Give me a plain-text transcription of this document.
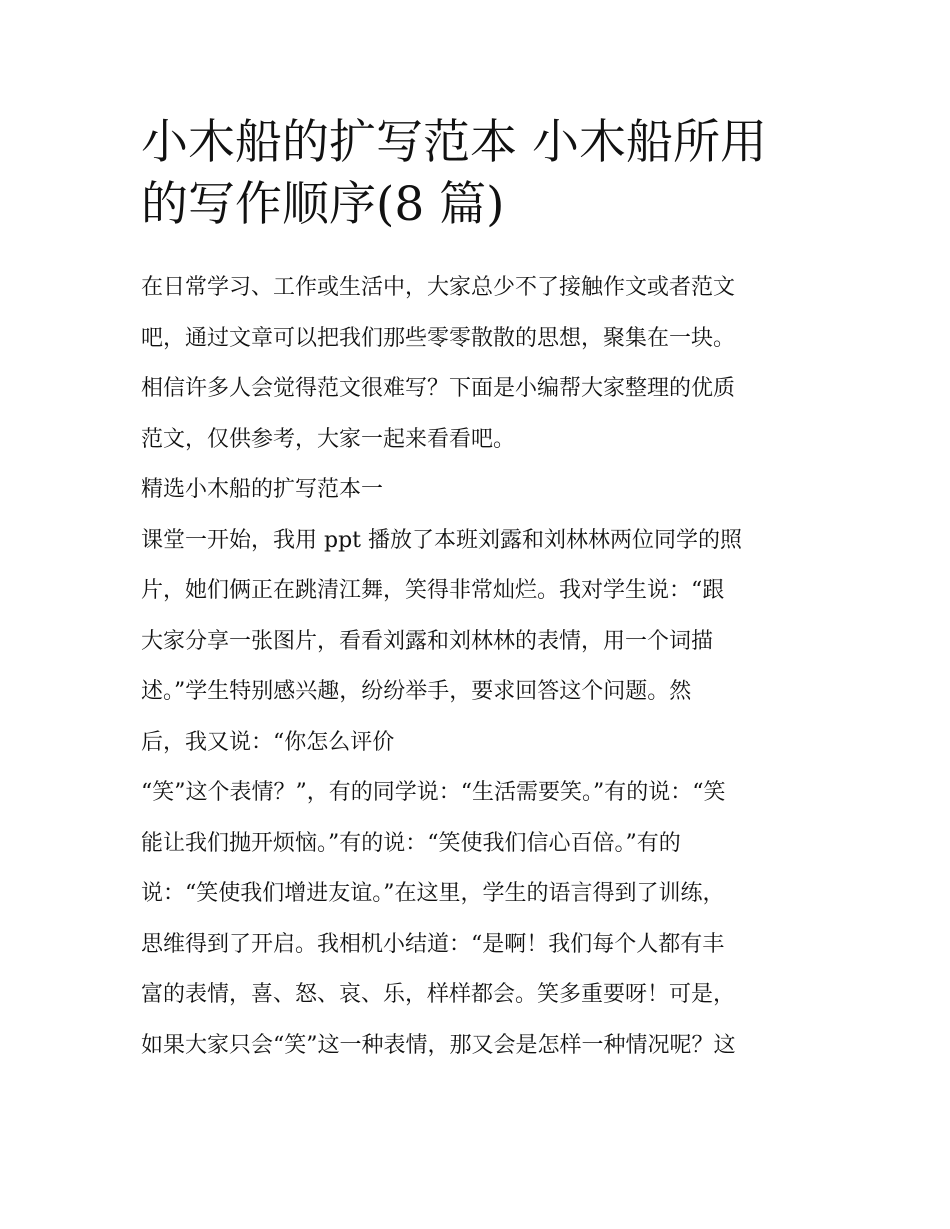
小木船的扩写范本 小木船所用
的写作顺序(8 篇)
在日常学习、工作或生活中，大家总少不了接触作文或者范文
吧，通过文章可以把我们那些零零散散的思想，聚集在一块。
相信许多人会觉得范文很难写？下面是小编帮大家整理的优质
范文，仅供参考，大家一起来看看吧。
精选小木船的扩写范本一
课堂一开始，我用 ppt 播放了本班刘露和刘林林两位同学的照
片，她们俩正在跳清江舞，笑得非常灿烂。我对学生说：“跟
大家分享一张图片，看看刘露和刘林林的表情，用一个词描
述。”学生特别感兴趣，纷纷举手，要求回答这个问题。然
后，我又说：“你怎么评价
“笑”这个表情？”，有的同学说：“生活需要笑。”有的说：“笑
能让我们抛开烦恼。”有的说：“笑使我们信心百倍。”有的
说：“笑使我们增进友谊。”在这里，学生的语言得到了训练，
思维得到了开启。我相机小结道：“是啊！我们每个人都有丰
富的表情，喜、怒、哀、乐，样样都会。笑多重要呀！可是，
如果大家只会“笑”这一种表情，那又会是怎样一种情况呢？这
